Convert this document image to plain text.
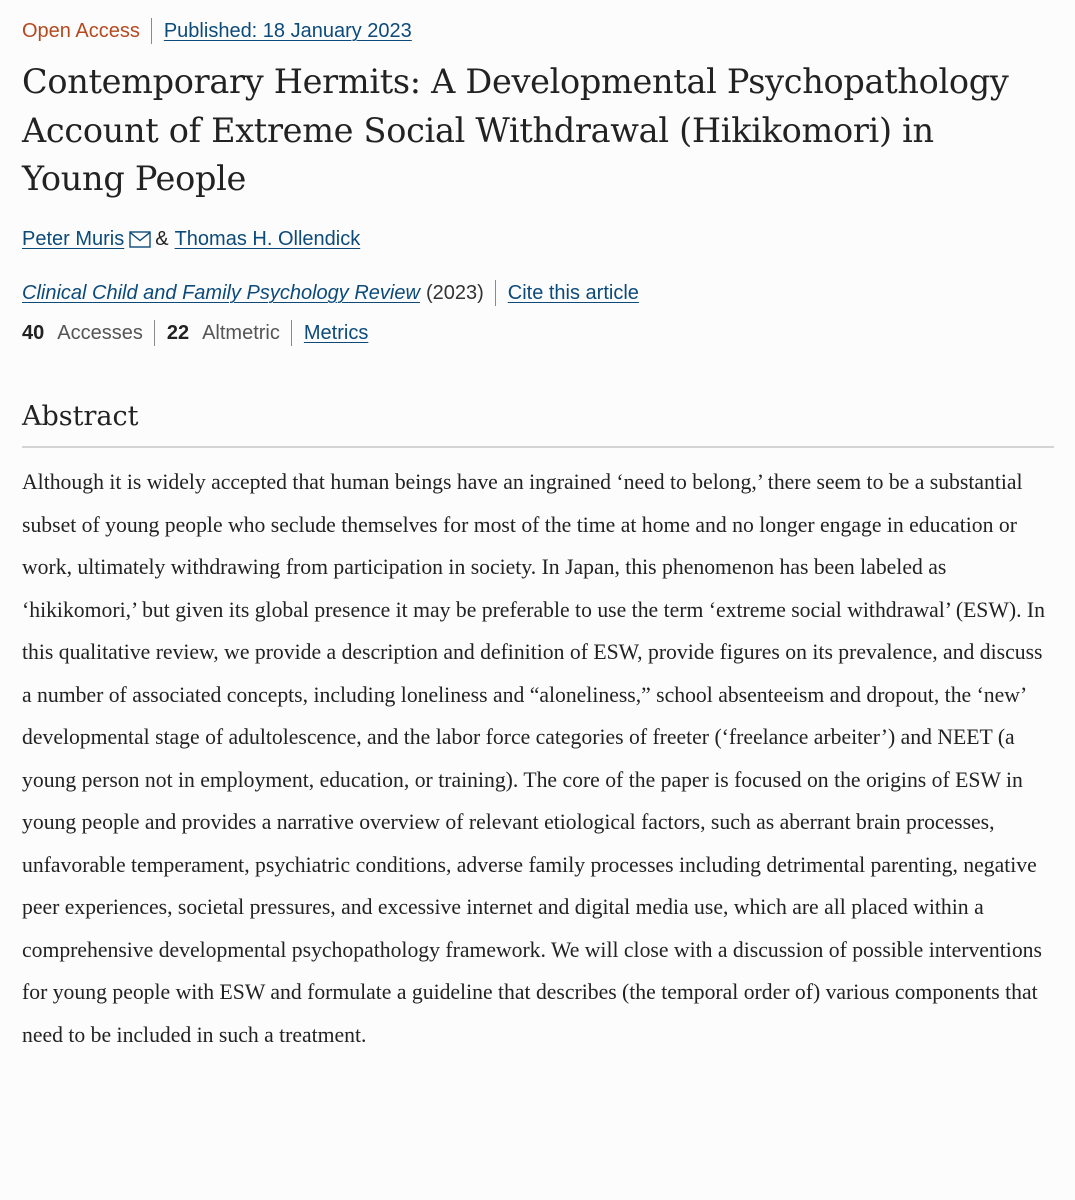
Open Access Published: 18 January 2023
Contemporary Hermits: A Developmental Psychopathology Account of Extreme Social Withdrawal (Hikikomori) in Young People
Peter Muris & Thomas H. Ollendick
Clinical Child and Family Psychology Review (2023) Cite this article
40 Accesses 22 Altmetric Metrics
Abstract

Although it is widely accepted that human beings have an ingrained ‘need to belong,’ there seem to be a substantial subset of young people who seclude themselves for most of the time at home and no longer engage in education or work, ultimately withdrawing from participation in society. In Japan, this phenomenon has been labeled as ‘hikikomori,’ but given its global presence it may be preferable to use the term ‘extreme social withdrawal’ (ESW). In this qualitative review, we provide a description and definition of ESW, provide figures on its prevalence, and discuss a number of associated concepts, including loneliness and “aloneliness,” school absenteeism and dropout, the ‘new’ developmental stage of adultolescence, and the labor force categories of freeter (‘freelance arbeiter’) and NEET (a young person not in employment, education, or training). The core of the paper is focused on the origins of ESW in young people and provides a narrative overview of relevant etiological factors, such as aberrant brain processes, unfavorable temperament, psychiatric conditions, adverse family processes including detrimental parenting, negative peer experiences, societal pressures, and excessive internet and digital media use, which are all placed within a comprehensive developmental psychopathology framework. We will close with a discussion of possible interventions for young people with ESW and formulate a guideline that describes (the temporal order of) various components that need to be included in such a treatment.
